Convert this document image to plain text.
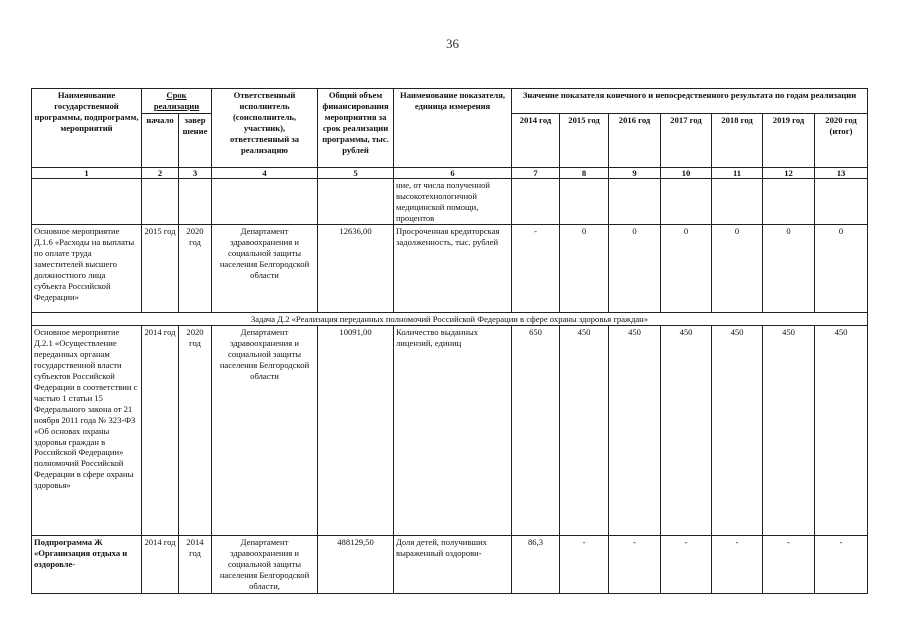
36
Наименование государственной программы, подпрограмм, мероприятий	Срок реализации		Ответственный исполнитель (соисполнитель, участник), ответственный за реализацию	Общий объем финансирования мероприятия за срок реализации программы, тыс. рублей	Наименование показателя, единица измерения	Значение показателя конечного и непосредственного результата по годам реализации						
	начало	завершение				2014 год	2015 год	2016 год	2017 год	2018 год	2019 год	2020 год (итог)
1	2	3	4	5	6	7	8	9	10	11	12	13
					ние, от числа полученной высокотехнологичной медицинской помощи, процентов							
Основное мероприятие Д.1.6 «Расходы на выплаты по оплате труда заместителей высшего должностного лица субъекта Российской Федерации»	2015 год	2020 год	Департамент здравоохранения и социальной защиты населения Белгородской области	12636,00	Просроченная кредиторская задолженность, тыс. рублей	-	0	0	0	0	0	0
Задача Д.2 «Реализация переданных полномочий Российской Федерации в сфере охраны здоровья граждан»												
Основное мероприятие Д.2.1 «Осуществление переданных органам государственной власти субъектов Российской Федерации в соответствии с частью 1 статьи 15 Федерального закона от 21 ноября 2011 года № 323-ФЗ «Об основах охраны здоровья граждан в Российской Федерации» полномочий Российской Федерации в сфере охраны здоровья»	2014 год	2020 год	Департамент здравоохранения и социальной защиты населения Белгородской области	10091,00	Количество выданных лицензий, единиц	650	450	450	450	450	450	450
Подпрограмма Ж «Организация отдыха и оздоровле-	2014 год	2014 год	Департамент здравоохранения и социальной защиты населения Белгородской области,	488129,50	Доля детей, получивших выраженный оздорови-	86,3	-	-	-	-	-	-
